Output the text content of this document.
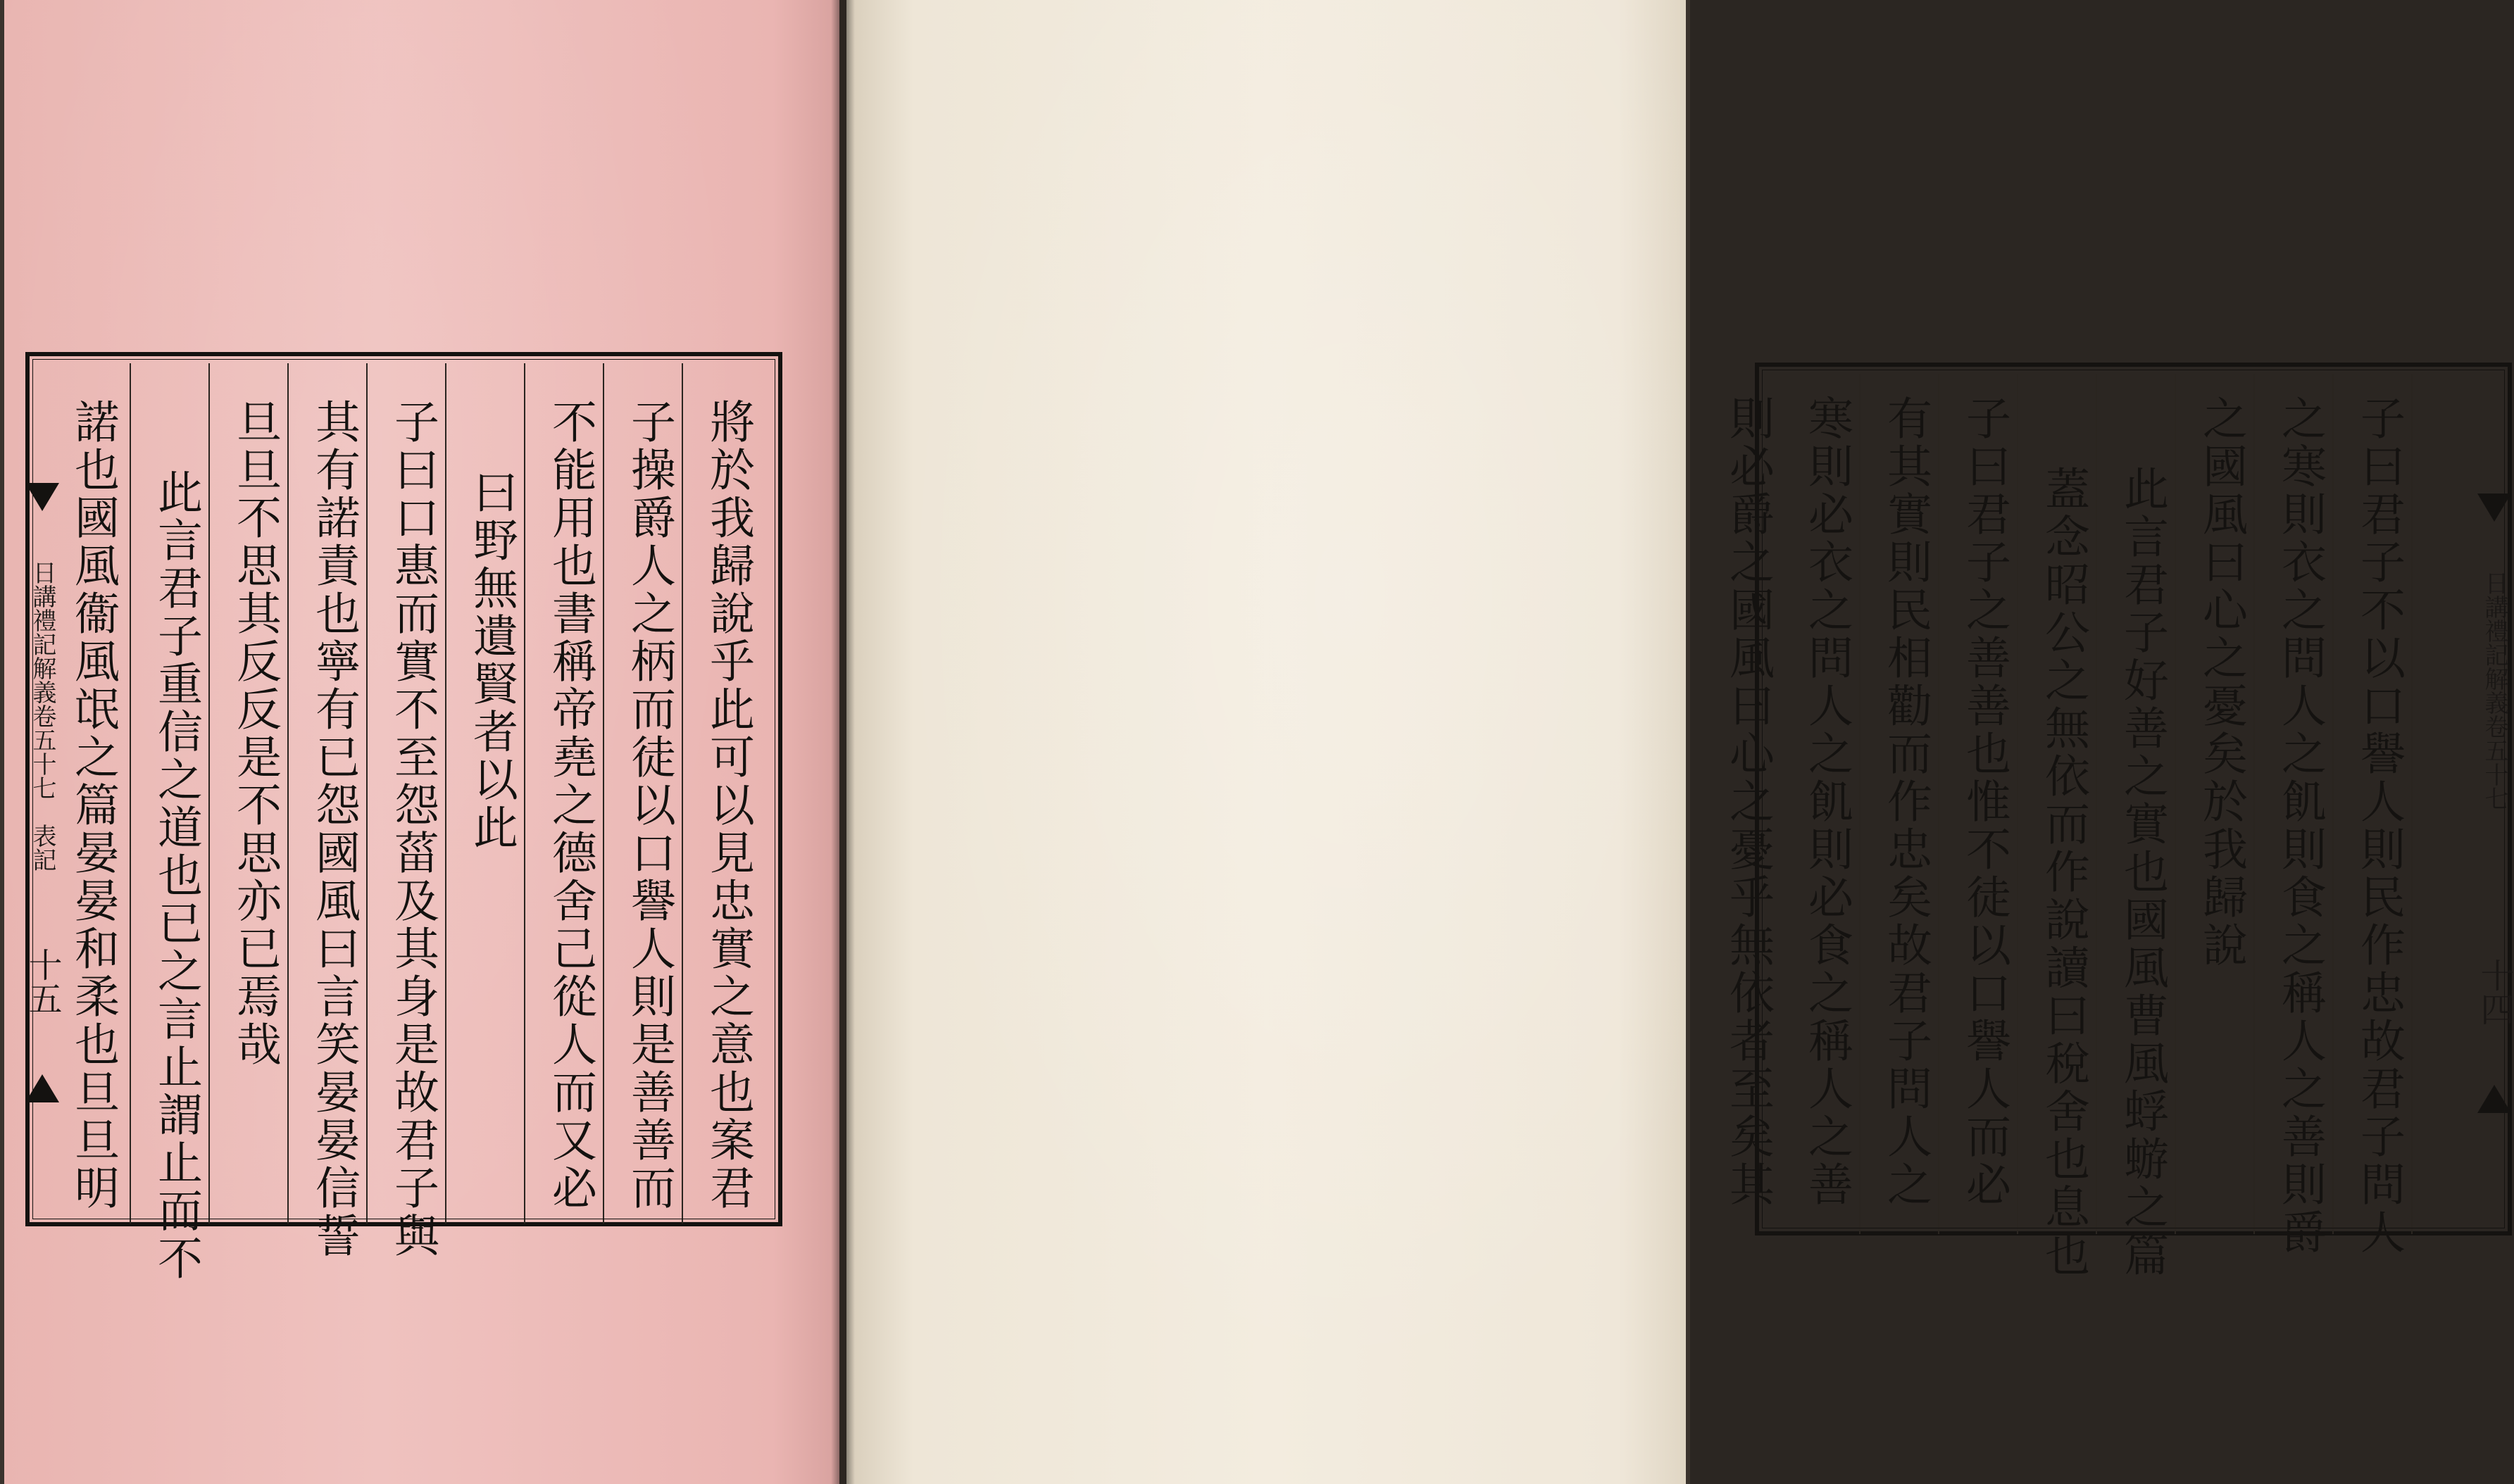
將於我歸說乎此可以見忠實之意也案君
子操爵人之柄而徒以口譽人則是善善而
不能用也書稱帝堯之德舍己從人而又必
曰野無遺賢者以此
子曰口惠而實不至怨菑及其身是故君子與
其有諾責也寧有已怨國風曰言笑晏晏信誓
旦旦不思其反反是不思亦已焉哉
此言君子重信之道也已之言止謂止而不
諾也國風衞風氓之篇晏晏和柔也旦旦明
日講禮記解義卷五十七　表記
十五	子曰君子不以口譽人則民作忠故君子問人
之寒則衣之問人之飢則食之稱人之善則爵
之國風曰心之憂矣於我歸說
此言君子好善之實也國風曹風蜉蝣之篇
蓋念昭公之無依而作說讀曰稅舍也息也
子曰君子之善善也惟不徒以口譽人而必
有其實則民相勸而作忠矣故君子問人之
寒則必衣之問人之飢則必食之稱人之善
則必爵之國風曰心之憂乎無依者至矣其	日講禮記解義卷五十七
十四
